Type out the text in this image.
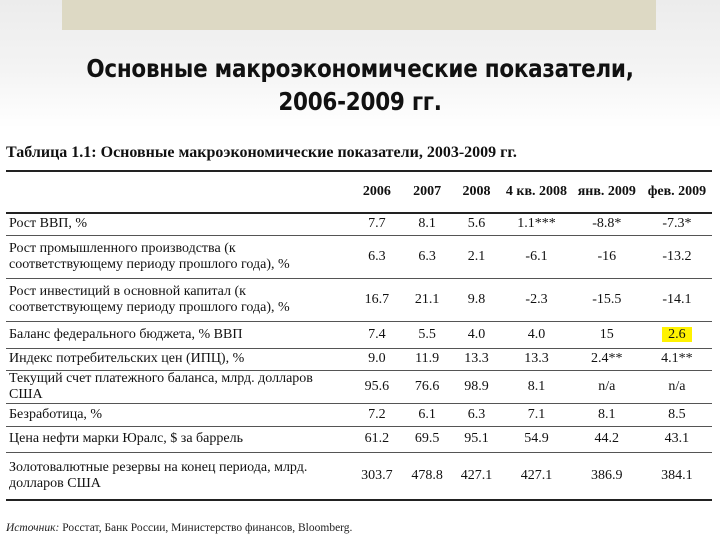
Основные макроэкономические показатели,
2006-2009 гг.
Таблица 1.1: Основные макроэкономические показатели, 2003-2009 гг.
	2006	2007	2008	4 кв. 2008	янв. 2009	фев. 2009
Рост ВВП, %	7.7	8.1	5.6	1.1***	-8.8*	-7.3*
Рост промышленного производства (к соответствующему периоду прошлого года), %	6.3	6.3	2.1	-6.1	-16	-13.2
Рост инвестиций в основной капитал (к соответствующему периоду прошлого года), %	16.7	21.1	9.8	-2.3	-15.5	-14.1
Баланс федерального бюджета, % ВВП	7.4	5.5	4.0	4.0	15	2.6
Индекс потребительских цен (ИПЦ), %	9.0	11.9	13.3	13.3	2.4**	4.1**
Текущий счет платежного баланса, млрд. долларов США	95.6	76.6	98.9	8.1	n/a	n/a
Безработица, %	7.2	6.1	6.3	7.1	8.1	8.5
Цена нефти марки Юралс, $ за баррель	61.2	69.5	95.1	54.9	44.2	43.1
Золотовалютные резервы на конец периода, млрд. долларов США	303.7	478.8	427.1	427.1	386.9	384.1
Источник: Росстат, Банк России, Министерство финансов, Bloomberg.
